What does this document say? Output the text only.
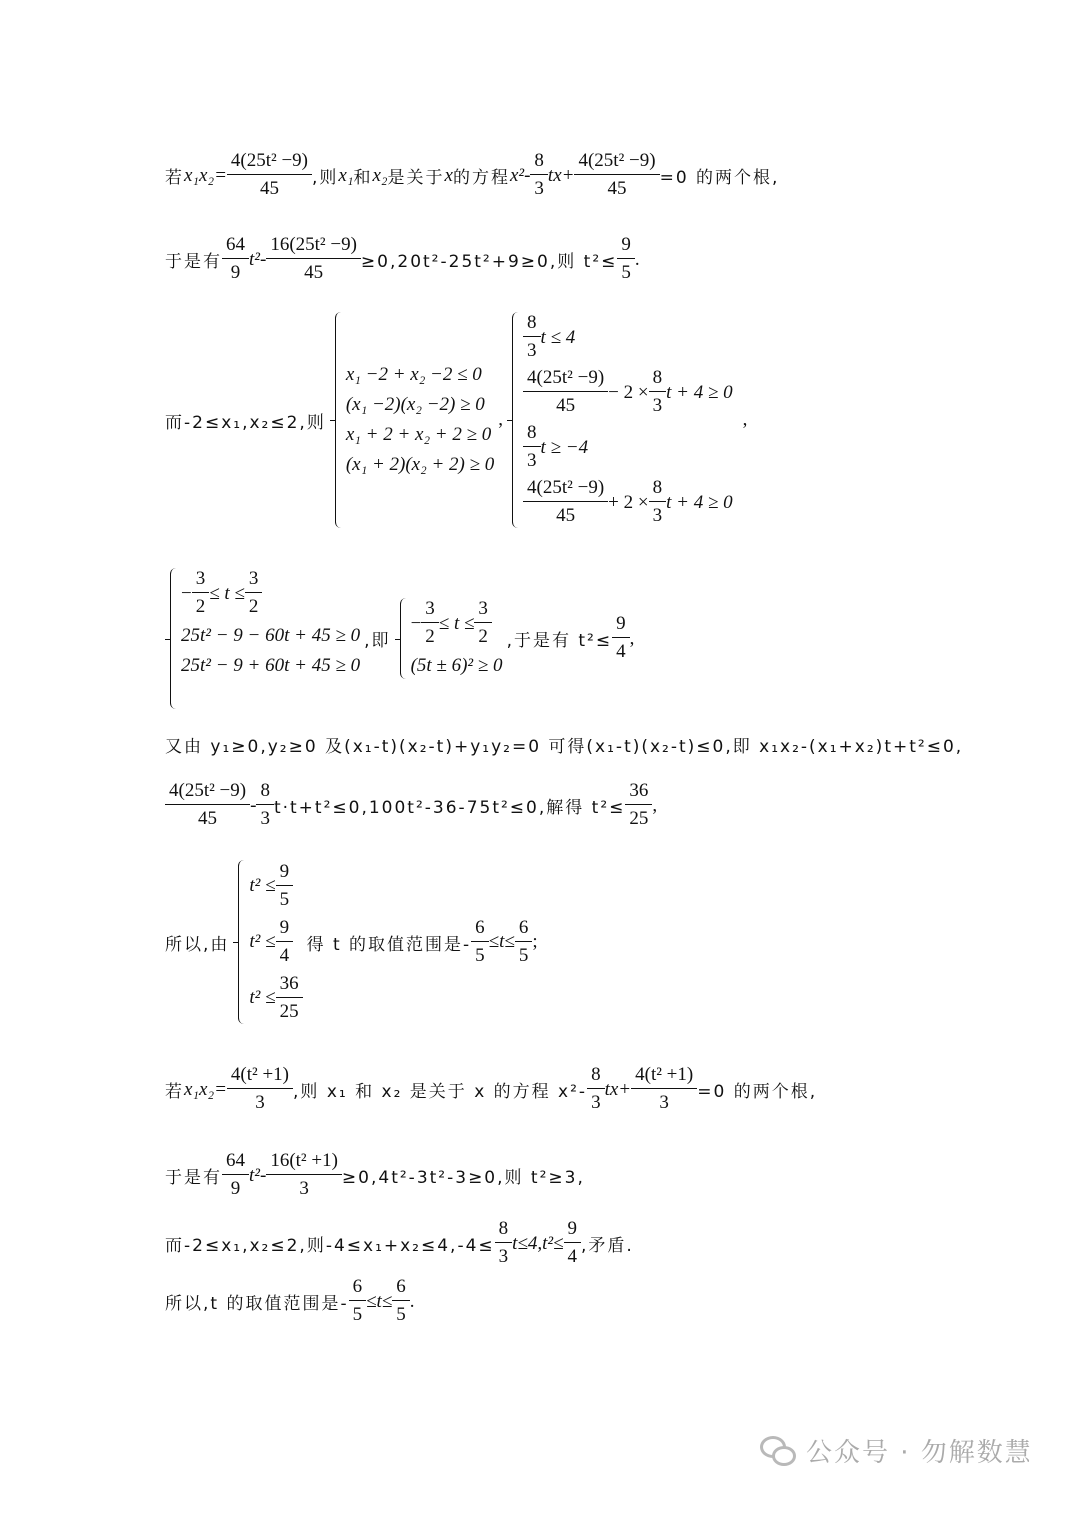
若 $x_1x_2= \frac{\text{4(25t² −9)}}{45}$ ,则 x₁ 和 x₂ 是关于 x 的方程 $x^2- \frac{8}{3} tx+ \frac{\text{4(25t² −9)}}{45} =0$ 的两个根,
于是有 $\frac{64}{9} t^2- \frac{\text{16(25t² −9)}}{45} \ge 0,20t^2-25t^2+9\ge 0$,则 $t^2\le \frac{9}{5}$ .
而-2≤x₁,x₂≤2,则
x₁ −2 + x₂ −2 ≤ 0
(x₁ −2)(x₂ −2) ≥ 0
x₁ + 2 + x₂ + 2 ≥ 0
(x₁ + 2)(x₂ + 2) ≥ 0
,
$\frac{8}{3}$ t ≤ 4
$\frac{\text{4(25t² −9)}}{45} - 2 \times \frac{8}{3}$ t + 4 ≥ 0
$\frac{8}{3}$ t ≥ −4
$\frac{\text{4(25t² −9)}}{45} + 2 \times \frac{8}{3}$ t + 4 ≥ 0
,
− $\frac{3}{2} \le t \le \frac{3}{2}$
25t² − 9 − 60t + 45 ≥ 0
25t² − 9 + 60t + 45 ≥ 0
,即
− $\frac{3}{2} \le t \le \frac{3}{2}$
(5t ± 6)² ≥ 0
,于是有 $t^2\le \frac{9}{4}$ ,
又由 y₁≥0,y₂≥0 及(x₁-t)(x₂-t)+y₁y₂=0 可得(x₁-t)(x₂-t)≤0,即 x₁x₂-(x₁+x₂)t+t²≤0,
$\frac{\text{4(25t² −9)}}{45} - \frac{8}{3} t\cdot t+t^2\le 0,100t^2-36-75t^2\le 0$,解得 $t^2\le \frac{36}{25}$ ,
所以,由
$t^2 \le \frac{9}{5}$
$t^2 \le \frac{9}{4}$
$t^2 \le \frac{36}{25}$
得 t 的取值范围是- $\frac{6}{5} \le t\le \frac{6}{5}$ ;
若 $x_1x_2= \frac{\text{4(t² +1)}}{3}$ ,则 x₁ 和 x₂ 是关于 x 的方程 $x^2- \frac{8}{3} tx+ \frac{\text{4(t² +1)}}{3} =0$ 的两个根,
于是有 $\frac{64}{9} t^2- \frac{\text{16(t² +1)}}{3} \ge 0,4t^2-3t^2-3\ge 0$,则 t²≥3,
而-2≤x₁,x₂≤2,则$-4\le x_1+x_2\le 4,-4\le \frac{8}{3} t\le 4,t^2\le \frac{9}{4}$ ,矛盾.
所以,t 的取值范围是- $\frac{6}{5} \le t\le \frac{6}{5}$ .
公众号 · 勿解数慧
